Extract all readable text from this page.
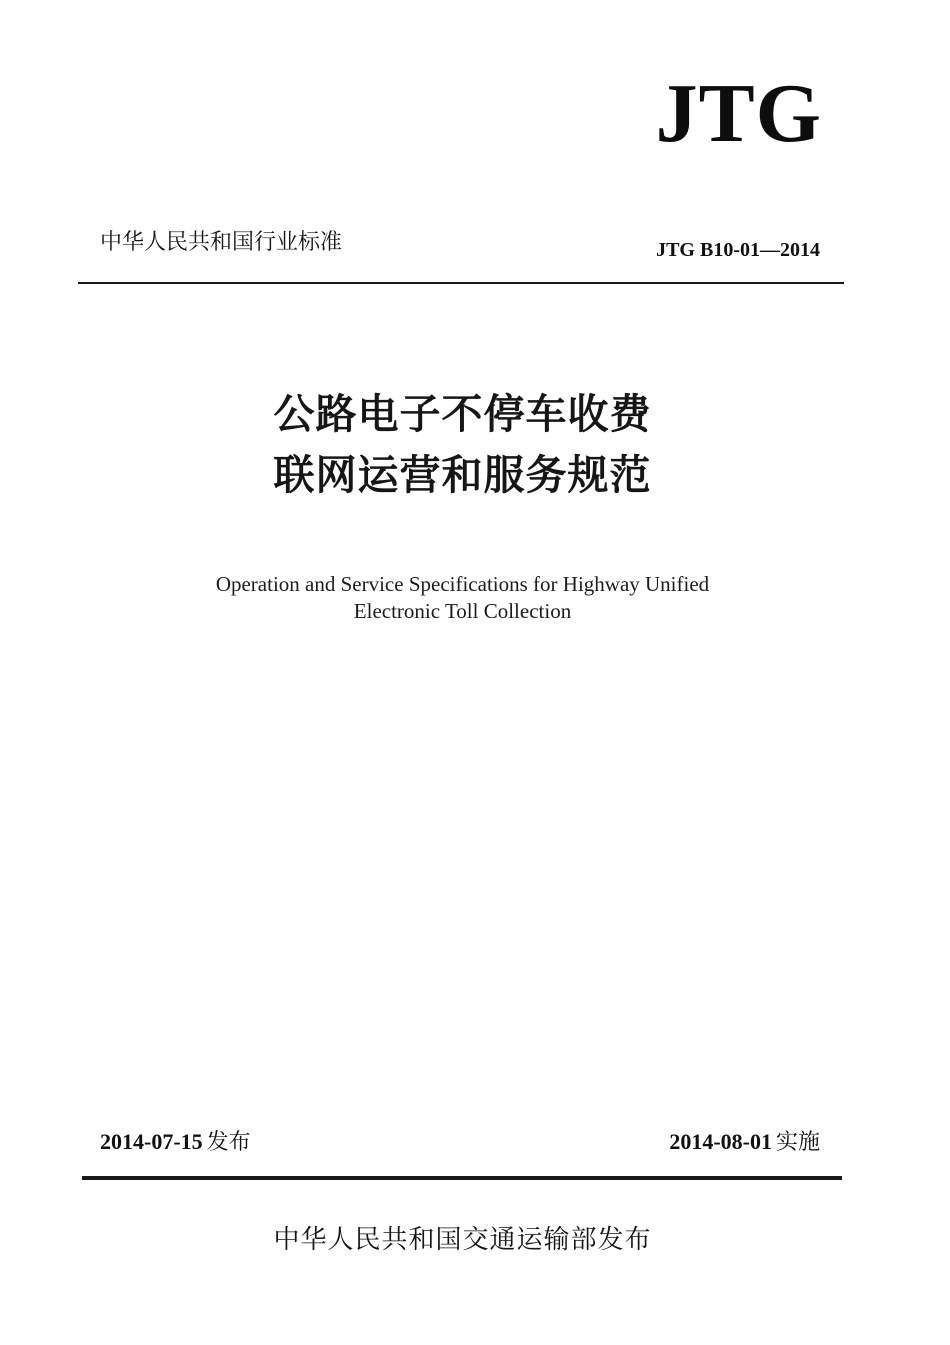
JTG
中华人民共和国行业标准	JTG B10-01—2014
公路电子不停车收费
联网运营和服务规范
Operation and Service Specifications for Highway Unified
Electronic Toll Collection
2014-07-15 发布	2014-08-01 实施
中华人民共和国交通运输部发布
